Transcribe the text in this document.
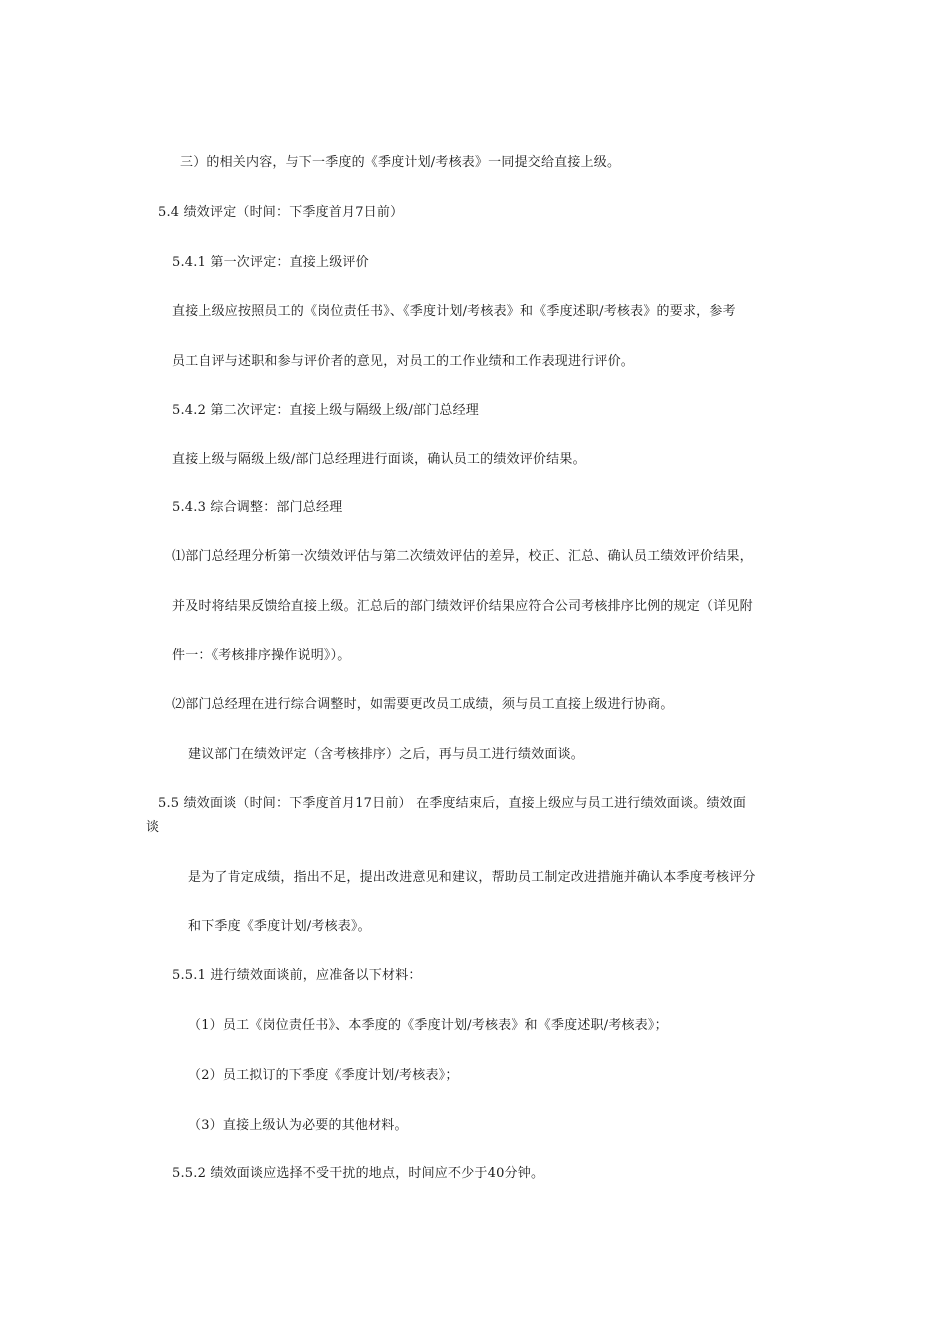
三）的相关内容，与下一季度的《季度计划/考核表》一同提交给直接上级。
5.4 绩效评定（时间：下季度首月7日前）
5.4.1 第一次评定：直接上级评价
直接上级应按照员工的《岗位责任书》、《季度计划/考核表》和《季度述职/考核表》的要求，参考
员工自评与述职和参与评价者的意见，对员工的工作业绩和工作表现进行评价。
5.4.2 第二次评定：直接上级与隔级上级/部门总经理
直接上级与隔级上级/部门总经理进行面谈，确认员工的绩效评价结果。
5.4.3 综合调整：部门总经理
⑴部门总经理分析第一次绩效评估与第二次绩效评估的差异，校正、汇总、确认员工绩效评价结果，
并及时将结果反馈给直接上级。汇总后的部门绩效评价结果应符合公司考核排序比例的规定（详见附
件一：《考核排序操作说明》）。
⑵部门总经理在进行综合调整时，如需要更改员工成绩，须与员工直接上级进行协商。
建议部门在绩效评定（含考核排序）之后，再与员工进行绩效面谈。
5.5 绩效面谈（时间：下季度首月17日前） 在季度结束后，直接上级应与员工进行绩效面谈。绩效面
谈
是为了肯定成绩，指出不足，提出改进意见和建议，帮助员工制定改进措施并确认本季度考核评分
和下季度《季度计划/考核表》。
5.5.1 进行绩效面谈前，应准备以下材料：
（1）员工《岗位责任书》、本季度的《季度计划/考核表》和《季度述职/考核表》；
（2）员工拟订的下季度《季度计划/考核表》；
（3）直接上级认为必要的其他材料。
5.5.2 绩效面谈应选择不受干扰的地点，时间应不少于40分钟。
